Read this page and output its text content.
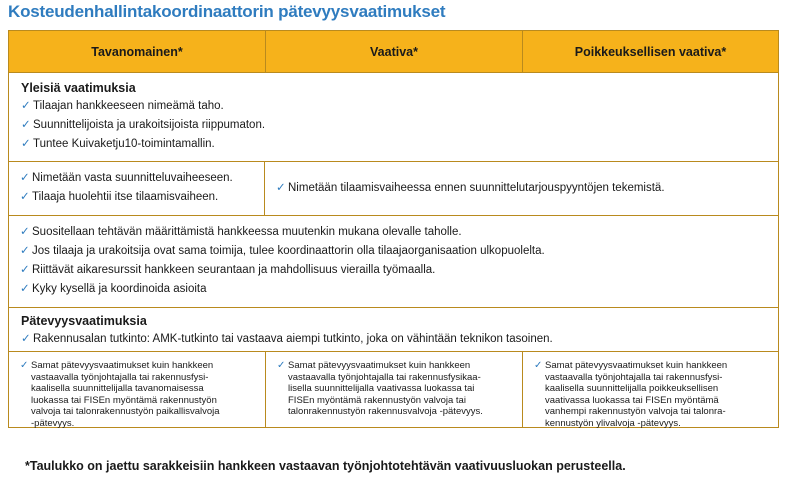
Kosteudenhallintakoordinaattorin pätevyysvaatimukset
Tavanomainen*	Vaativa*	Poikkeuksellisen vaativa*
Yleisiä vaatimuksia
✓ Tilaajan hankkeeseen nimeämä taho.
✓ Suunnittelijoista ja urakoitsijoista riippumaton.
✓ Tuntee Kuivaketju10-toimintamallin.
✓ Nimetään vasta suunnitteluvaiheeseen.
✓ Tilaaja huolehtii itse tilaamisvaiheen.
✓ Nimetään tilaamisvaiheessa ennen suunnittelutarjouspyyntöjen tekemistä.
✓ Suositellaan tehtävän määrittämistä hankkeessa muutenkin mukana olevalle taholle.
✓ Jos tilaaja ja urakoitsija ovat sama toimija, tulee koordinaattorin olla tilaajaorganisaation ulkopuolelta.
✓ Riittävät aikaresurssit hankkeen seurantaan ja mahdollisuus vierailla työmaalla.
✓ Kyky kysellä ja koordinoida asioita
Pätevyysvaatimuksia
✓ Rakennusalan tutkinto: AMK-tutkinto tai vastaava aiempi tutkinto, joka on vähintään teknikon tasoinen.
✓ Samat pätevyysvaatimukset kuin hankkeen
vastaavalla työnjohtajalla tai rakennusfysi-
kaalisella suunnittelijalla tavanomaisessa
luokassa tai FISEn myöntämä rakennustyön
valvoja tai talonrakennustyön paikallisvalvoja
-pätevyys.
✓ Samat pätevyysvaatimukset kuin hankkeen
vastaavalla työnjohtajalla tai rakennusfysikaa-
lisella suunnittelijalla vaativassa luokassa tai
FISEn myöntämä rakennustyön valvoja tai
talonrakennustyön rakennusvalvoja -pätevyys.
✓ Samat pätevyysvaatimukset kuin hankkeen
vastaavalla työnjohtajalla tai rakennusfysi-
kaalisella suunnittelijalla poikkeuksellisen
vaativassa luokassa tai FISEn myöntämä
vanhempi rakennustyön valvoja tai talonra-
kennustyön ylivalvoja -pätevyys.
*Taulukko on jaettu sarakkeisiin hankkeen vastaavan työnjohtotehtävän vaativuusluokan perusteella.
